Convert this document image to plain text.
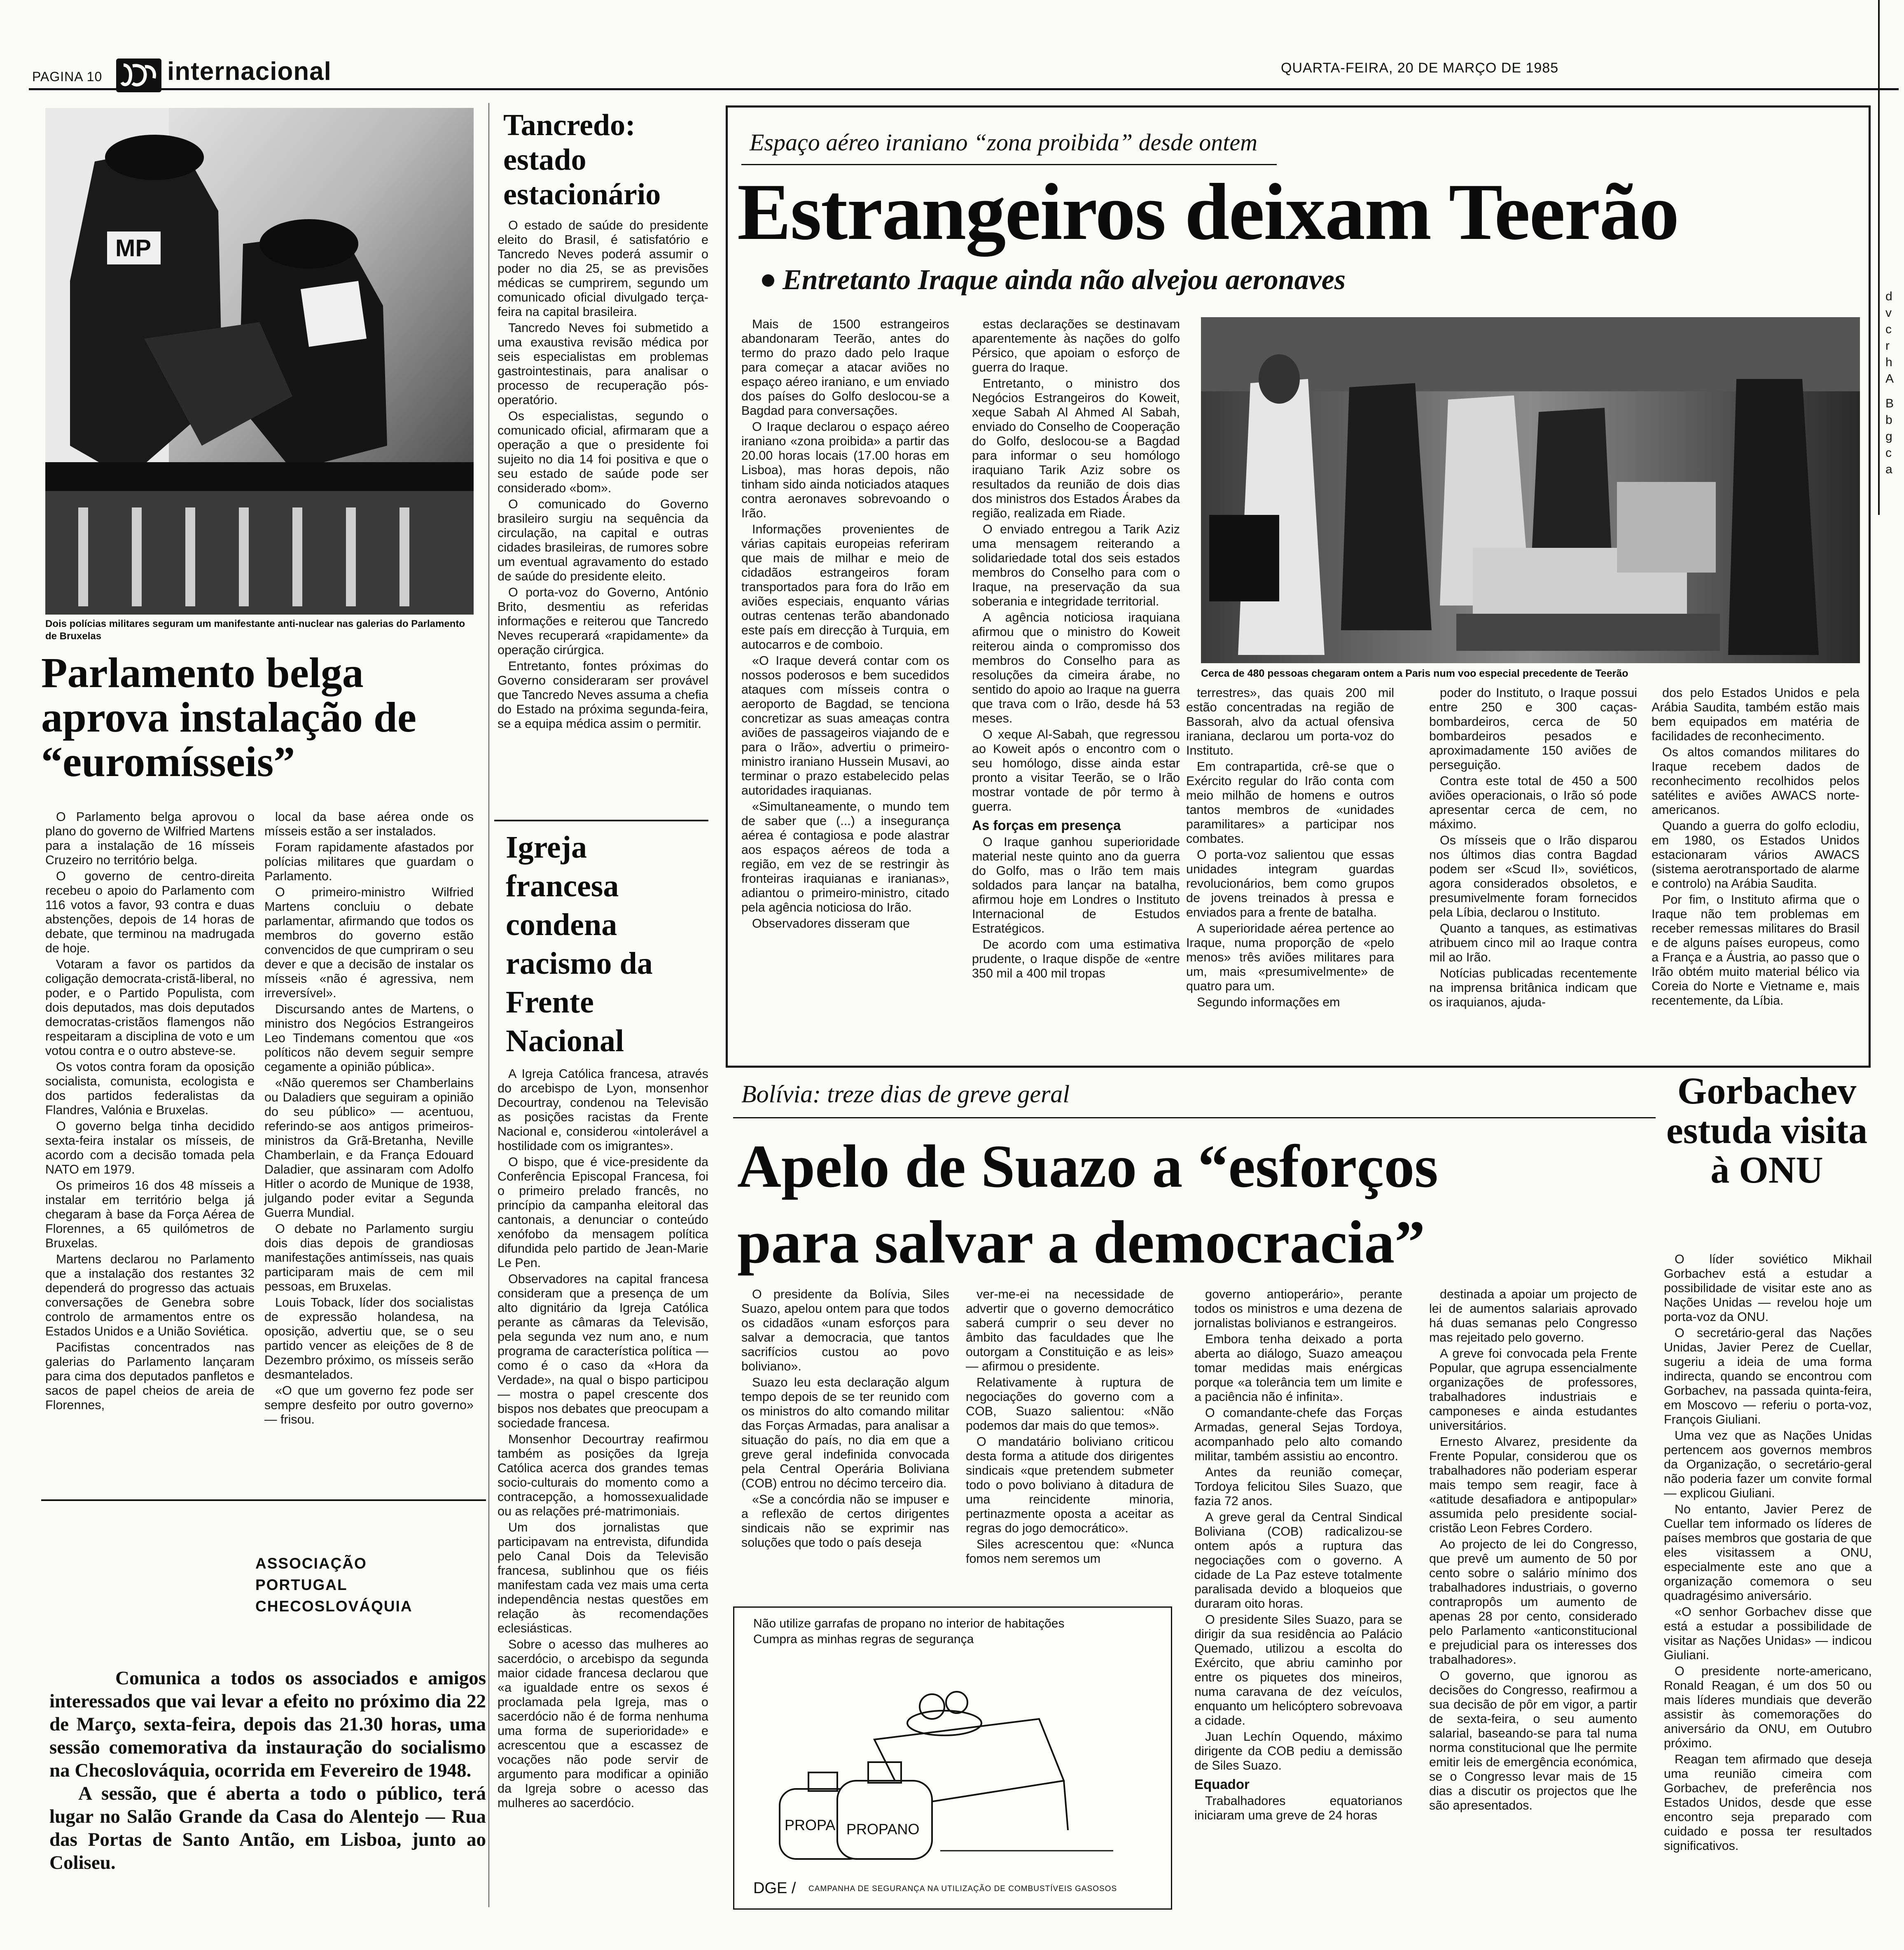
PAGINA 10	internacional	QUARTA-FEIRA, 20 DE MARÇO DE 1985
MP
Dois polícias militares seguram um manifestante anti-nuclear nas galerias do Parlamento de Bruxelas
Parlamento belga aprova instalação de “euromísseis”

O Parlamento belga aprovou o plano do governo de Wilfried Martens para a instalação de 16 mísseis Cruzeiro no território belga.

O governo de centro-direita recebeu o apoio do Parlamento com 116 votos a favor, 93 contra e duas abstenções, depois de 14 horas de debate, que terminou na madrugada de hoje.

Votaram a favor os partidos da coligação democrata-cristã-liberal, no poder, e o Partido Populista, com dois deputados, mas dois deputados democratas-cristãos flamengos não respeitaram a disciplina de voto e um votou contra e o outro absteve-se.

Os votos contra foram da oposição socialista, comunista, ecologista e dos partidos federalistas da Flandres, Valónia e Bruxelas.

O governo belga tinha decidido sexta-feira instalar os mísseis, de acordo com a decisão tomada pela NATO em 1979.

Os primeiros 16 dos 48 mísseis a instalar em território belga já chegaram à base da Força Aérea de Florennes, a 65 quilómetros de Bruxelas.

Martens declarou no Parlamento que a instalação dos restantes 32 dependerá do progresso das actuais conversações de Genebra sobre controlo de armamentos entre os Estados Unidos e a União Soviética.

Pacifistas concentrados nas galerias do Parlamento lançaram para cima dos deputados panfletos e sacos de papel cheios de areia de Florennes,

local da base aérea onde os mísseis estão a ser instalados.

Foram rapidamente afastados por polícias militares que guardam o Parlamento.

O primeiro-ministro Wilfried Martens concluiu o debate parlamentar, afirmando que todos os membros do governo estão convencidos de que cumpriram o seu dever e que a decisão de instalar os mísseis «não é agressiva, nem irreversível».

Discursando antes de Martens, o ministro dos Negócios Estrangeiros Leo Tindemans comentou que «os políticos não devem seguir sempre cegamente a opinião pública».

«Não queremos ser Chamberlains ou Daladiers que seguiram a opinião do seu público» — acentuou, referindo-se aos antigos primeiros-ministros da Grã-Bretanha, Neville Chamberlain, e da França Edouard Daladier, que assinaram com Adolfo Hitler o acordo de Munique de 1938, julgando poder evitar a Segunda Guerra Mundial.

O debate no Parlamento surgiu dois dias depois de grandiosas manifestações antimísseis, nas quais participaram mais de cem mil pessoas, em Bruxelas.

Louis Toback, líder dos socialistas de expressão holandesa, na oposição, advertiu que, se o seu partido vencer as eleições de 8 de Dezembro próximo, os mísseis serão desmantelados.

«O que um governo fez pode ser sempre desfeito por outro governo» — frisou.

ASSOCIAÇÃO PORTUGAL CHECOSLOVÁQUIA
Comunica a todos os associados e amigos interessados que vai levar a efeito no próximo dia 22 de Março, sexta-feira, depois das 21.30 horas, uma sessão comemorativa da instauração do socialismo na Checoslováquia, ocorrida em Fevereiro de 1948.
A sessão, que é aberta a todo o público, terá lugar no Salão Grande da Casa do Alentejo — Rua das Portas de Santo Antão, em Lisboa, junto ao Coliseu.
Tancredo: estado estacionário

O estado de saúde do presidente eleito do Brasil, é satisfatório e Tancredo Neves poderá assumir o poder no dia 25, se as previsões médicas se cumprirem, segundo um comunicado oficial divulgado terça-feira na capital brasileira.

Tancredo Neves foi submetido a uma exaustiva revisão médica por seis especialistas em problemas gastrointestinais, para analisar o processo de recuperação pós-operatório.

Os especialistas, segundo o comunicado oficial, afirmaram que a operação a que o presidente foi sujeito no dia 14 foi positiva e que o seu estado de saúde pode ser considerado «bom».

O comunicado do Governo brasileiro surgiu na sequência da circulação, na capital e outras cidades brasileiras, de rumores sobre um eventual agravamento do estado de saúde do presidente eleito.

O porta-voz do Governo, António Brito, desmentiu as referidas informações e reiterou que Tancredo Neves recuperará «rapidamente» da operação cirúrgica.

Entretanto, fontes próximas do Governo consideraram ser provável que Tancredo Neves assuma a chefia do Estado na próxima segunda-feira, se a equipa médica assim o permitir.

Igreja francesa condena racismo da Frente Nacional

A Igreja Católica francesa, através do arcebispo de Lyon, monsenhor Decourtray, condenou na Televisão as posições racistas da Frente Nacional e, considerou «intolerável a hostilidade com os imigrantes».

O bispo, que é vice-presidente da Conferência Episcopal Francesa, foi o primeiro prelado francês, no princípio da campanha eleitoral das cantonais, a denunciar o conteúdo xenófobo da mensagem política difundida pelo partido de Jean-Marie Le Pen.

Observadores na capital francesa consideram que a presença de um alto dignitário da Igreja Católica perante as câmaras da Televisão, pela segunda vez num ano, e num programa de característica política — como é o caso da «Hora da Verdade», na qual o bispo participou — mostra o papel crescente dos bispos nos debates que preocupam a sociedade francesa.

Monsenhor Decourtray reafirmou também as posições da Igreja Católica acerca dos grandes temas socio-culturais do momento como a contracepção, a homossexualidade ou as relações pré-matrimoniais.

Um dos jornalistas que participavam na entrevista, difundida pelo Canal Dois da Televisão francesa, sublinhou que os fiéis manifestam cada vez mais uma certa independência nestas questões em relação às recomendações eclesiásticas.

Sobre o acesso das mulheres ao sacerdócio, o arcebispo da segunda maior cidade francesa declarou que «a igualdade entre os sexos é proclamada pela Igreja, mas o sacerdócio não é de forma nenhuma uma forma de superioridade» e acrescentou que a escassez de vocações não pode servir de argumento para modificar a opinião da Igreja sobre o acesso das mulheres ao sacerdócio.

Espaço aéreo iraniano “zona proibida” desde ontem
Estrangeiros deixam Teerão
Entretanto Iraque ainda não alvejou aeronaves

Mais de 1500 estrangeiros abandonaram Teerão, antes do termo do prazo dado pelo Iraque para começar a atacar aviões no espaço aéreo iraniano, e um enviado dos países do Golfo deslocou-se a Bagdad para conversações.

O Iraque declarou o espaço aéreo iraniano «zona proibida» a partir das 20.00 horas locais (17.00 horas em Lisboa), mas horas depois, não tinham sido ainda noticiados ataques contra aeronaves sobrevoando o Irão.

Informações provenientes de várias capitais europeias referiram que mais de milhar e meio de cidadãos estrangeiros foram transportados para fora do Irão em aviões especiais, enquanto várias outras centenas terão abandonado este país em direcção à Turquia, em autocarros e de comboio.

«O Iraque deverá contar com os nossos poderosos e bem sucedidos ataques com mísseis contra o aeroporto de Bagdad, se tenciona concretizar as suas ameaças contra aviões de passageiros viajando de e para o Irão», advertiu o primeiro-ministro iraniano Hussein Musavi, ao terminar o prazo estabelecido pelas autoridades iraquianas.

«Simultaneamente, o mundo tem de saber que (...) a insegurança aérea é contagiosa e pode alastrar aos espaços aéreos de toda a região, em vez de se restringir às fronteiras iraquianas e iranianas», adiantou o primeiro-ministro, citado pela agência noticiosa do Irão.

Observadores disseram que

estas declarações se destinavam aparentemente às nações do golfo Pérsico, que apoiam o esforço de guerra do Iraque.

Entretanto, o ministro dos Negócios Estrangeiros do Koweit, xeque Sabah Al Ahmed Al Sabah, enviado do Conselho de Cooperação do Golfo, deslocou-se a Bagdad para informar o seu homólogo iraquiano Tarik Aziz sobre os resultados da reunião de dois dias dos ministros dos Estados Árabes da região, realizada em Riade.

O enviado entregou a Tarik Aziz uma mensagem reiterando a solidariedade total dos seis estados membros do Conselho para com o Iraque, na preservação da sua soberania e integridade territorial.

A agência noticiosa iraquiana afirmou que o ministro do Koweit reiterou ainda o compromisso dos membros do Conselho para as resoluções da cimeira árabe, no sentido do apoio ao Iraque na guerra que trava com o Irão, desde há 53 meses.

O xeque Al-Sabah, que regressou ao Koweit após o encontro com o seu homólogo, disse ainda estar pronto a visitar Teerão, se o Irão mostrar vontade de pôr termo à guerra.

As forças em presença

O Iraque ganhou superioridade material neste quinto ano da guerra do Golfo, mas o Irão tem mais soldados para lançar na batalha, afirmou hoje em Londres o Instituto Internacional de Estudos Estratégicos.

De acordo com uma estimativa prudente, o Iraque dispõe de «entre 350 mil a 400 mil tropas

Cerca de 480 pessoas chegaram ontem a Paris num voo especial precedente de Teerão

terrestres», das quais 200 mil estão concentradas na região de Bassorah, alvo da actual ofensiva iraniana, declarou um porta-voz do Instituto.

Em contrapartida, crê-se que o Exército regular do Irão conta com meio milhão de homens e outros tantos membros de «unidades paramilitares» a participar nos combates.

O porta-voz salientou que essas unidades integram guardas revolucionários, bem como grupos de jovens treinados à pressa e enviados para a frente de batalha.

A superioridade aérea pertence ao Iraque, numa proporção de «pelo menos» três aviões militares para um, mais «presumivelmente» de quatro para um.

Segundo informações em

poder do Instituto, o Iraque possui entre 250 e 300 caças-bombardeiros, cerca de 50 bombardeiros pesados e aproximadamente 150 aviões de perseguição.

Contra este total de 450 a 500 aviões operacionais, o Irão só pode apresentar cerca de cem, no máximo.

Os mísseis que o Irão disparou nos últimos dias contra Bagdad podem ser «Scud II», soviéticos, agora considerados obsoletos, e presumivelmente foram fornecidos pela Líbia, declarou o Instituto.

Quanto a tanques, as estimativas atribuem cinco mil ao Iraque contra mil ao Irão.

Notícias publicadas recentemente na imprensa britânica indicam que os iraquianos, ajuda-

dos pelo Estados Unidos e pela Arábia Saudita, também estão mais bem equipados em matéria de facilidades de reconhecimento.

Os altos comandos militares do Iraque recebem dados de reconhecimento recolhidos pelos satélites e aviões AWACS norte-americanos.

Quando a guerra do golfo eclodiu, em 1980, os Estados Unidos estacionaram vários AWACS (sistema aerotransportado de alarme e controlo) na Arábia Saudita.

Por fim, o Instituto afirma que o Iraque não tem problemas em receber remessas militares do Brasil e de alguns países europeus, como a França e a Áustria, ao passo que o Irão obtém muito material bélico via Coreia do Norte e Vietname e, mais recentemente, da Líbia.

Bolívia: treze dias de greve geral
Apelo de Suazo a “esforços para salvar a democracia”

O presidente da Bolívia, Siles Suazo, apelou ontem para que todos os cidadãos «unam esforços para salvar a democracia, que tantos sacrifícios custou ao povo boliviano».

Suazo leu esta declaração algum tempo depois de se ter reunido com os ministros do alto comando militar das Forças Armadas, para analisar a situação do país, no dia em que a greve geral indefinida convocada pela Central Operária Boliviana (COB) entrou no décimo terceiro dia.

«Se a concórdia não se impuser e a reflexão de certos dirigentes sindicais não se exprimir nas soluções que todo o país deseja

ver-me-ei na necessidade de advertir que o governo democrático saberá cumprir o seu dever no âmbito das faculdades que lhe outorgam a Constituição e as leis» — afirmou o presidente.

Relativamente à ruptura de negociações do governo com a COB, Suazo salientou: «Não podemos dar mais do que temos».

O mandatário boliviano criticou desta forma a atitude dos dirigentes sindicais «que pretendem submeter todo o povo boliviano à ditadura de uma reincidente minoria, pertinazmente oposta a aceitar as regras do jogo democrático».

Siles acrescentou que: «Nunca fomos nem seremos um

governo antioperário», perante todos os ministros e uma dezena de jornalistas bolivianos e estrangeiros.

Embora tenha deixado a porta aberta ao diálogo, Suazo ameaçou tomar medidas mais enérgicas porque «a tolerância tem um limite e a paciência não é infinita».

O comandante-chefe das Forças Armadas, general Sejas Tordoya, acompanhado pelo alto comando militar, também assistiu ao encontro.

Antes da reunião começar, Tordoya felicitou Siles Suazo, que fazia 72 anos.

A greve geral da Central Sindical Boliviana (COB) radicalizou-se ontem após a ruptura das negociações com o governo. A cidade de La Paz esteve totalmente paralisada devido a bloqueios que duraram oito horas.

O presidente Siles Suazo, para se dirigir da sua residência ao Palácio Quemado, utilizou a escolta do Exército, que abriu caminho por entre os piquetes dos mineiros, numa caravana de dez veículos, enquanto um helicóptero sobrevoava a cidade.

Juan Lechín Oquendo, máximo dirigente da COB pediu a demissão de Siles Suazo.

Equador

Trabalhadores equatorianos iniciaram uma greve de 24 horas

destinada a apoiar um projecto de lei de aumentos salariais aprovado há duas semanas pelo Congresso mas rejeitado pelo governo.

A greve foi convocada pela Frente Popular, que agrupa essencialmente organizações de professores, trabalhadores industriais e camponeses e ainda estudantes universitários.

Ernesto Alvarez, presidente da Frente Popular, considerou que os trabalhadores não poderiam esperar mais tempo sem reagir, face à «atitude desafiadora e antipopular» assumida pelo presidente social-cristão Leon Febres Cordero.

Ao projecto de lei do Congresso, que prevê um aumento de 50 por cento sobre o salário mínimo dos trabalhadores industriais, o governo contrapropôs um aumento de apenas 28 por cento, considerado pelo Parlamento «anticonstitucional e prejudicial para os interesses dos trabalhadores».

O governo, que ignorou as decisões do Congresso, reafirmou a sua decisão de pôr em vigor, a partir de sexta-feira, o seu aumento salarial, baseando-se para tal numa norma constitucional que lhe permite emitir leis de emergência económica, se o Congresso levar mais de 15 dias a discutir os projectos que lhe são apresentados.

Não utilize garrafas de propano no interior de habitações
Cumpra as minhas regras de segurança
PROPA PROPANO
DGE / CAMPANHA DE SEGURANÇA NA UTILIZAÇÃO DE COMBUSTÍVEIS GASOSOS
Gorbachev estuda visita à ONU

O líder soviético Mikhail Gorbachev está a estudar a possibilidade de visitar este ano as Nações Unidas — revelou hoje um porta-voz da ONU.

O secretário-geral das Nações Unidas, Javier Perez de Cuellar, sugeriu a ideia de uma forma indirecta, quando se encontrou com Gorbachev, na passada quinta-feira, em Moscovo — referiu o porta-voz, François Giuliani.

Uma vez que as Nações Unidas pertencem aos governos membros da Organização, o secretário-geral não poderia fazer um convite formal — explicou Giuliani.

No entanto, Javier Perez de Cuellar tem informado os líderes de países membros que gostaria de que eles visitassem a ONU, especialmente este ano que a organização comemora o seu quadragésimo aniversário.

«O senhor Gorbachev disse que está a estudar a possibilidade de visitar as Nações Unidas» — indicou Giuliani.

O presidente norte-americano, Ronald Reagan, é um dos 50 ou mais líderes mundiais que deverão assistir às comemorações do aniversário da ONU, em Outubro próximo.

Reagan tem afirmado que deseja uma reunião cimeira com Gorbachev, de preferência nos Estados Unidos, desde que esse encontro seja preparado com cuidado e possa ter resultados significativos.

d v c r h A
B b g c a
